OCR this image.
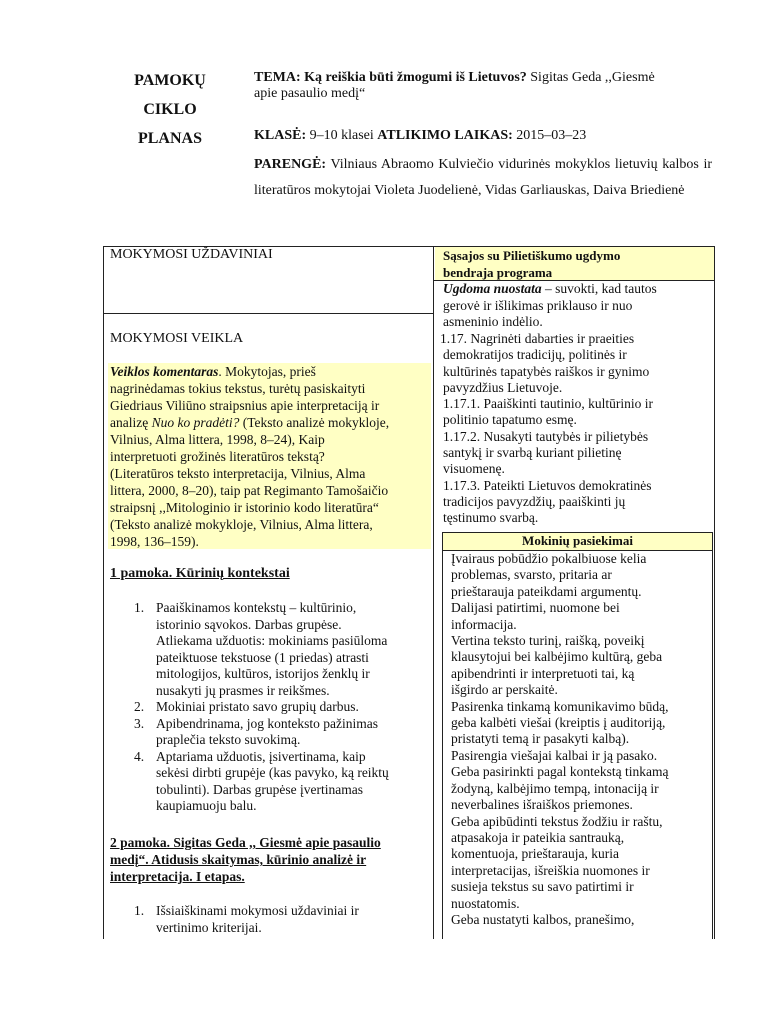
PAMOKŲ
CIKLO
PLANAS
TEMA: Ką reiškia būti žmogumi iš Lietuvos? Sigitas Geda ,,Giesmė
apie pasaulio medį“
KLASĖ: 9–10 klasei ATLIKIMO LAIKAS: 2015–03–23
PARENGĖ: Vilniaus Abraomo Kulviečio vidurinės mokyklos lietuvių kalbos ir literatūros mokytojai Violeta Juodelienė, Vidas Garliauskas, Daiva Briedienė
Sąsajos su Pilietiškumo ugdymo
bendraja programa
MOKYMOSI UŽDAVINIAI
MOKYMOSI VEIKLA
Veiklos komentaras. Mokytojas, prieš
nagrinėdamas tokius tekstus, turėtų pasiskaityti
Giedriaus Viliūno straipsnius apie interpretaciją ir
analizę Nuo ko pradėti? (Teksto analizė mokykloje,
Vilnius, Alma littera, 1998, 8–24), Kaip
interpretuoti grožinės literatūros tekstą?
(Literatūros teksto interpretacija, Vilnius, Alma
littera, 2000, 8–20), taip pat Regimanto Tamošaičio
straipsnį ,,Mitologinio ir istorinio kodo literatūra“
(Teksto analizė mokykloje, Vilnius, Alma littera,
1998, 136–159).
1 pamoka. Kūrinių kontekstai
1. Paaiškinamos kontekstų – kultūrinio,
istorinio sąvokos. Darbas grupėse.
Atliekama užduotis: mokiniams pasiūloma
pateiktuose tekstuose (1 priedas) atrasti
mitologijos, kultūros, istorijos ženklų ir
nusakyti jų prasmes ir reikšmes.
2. Mokiniai pristato savo grupių darbus.
3. Apibendrinama, jog konteksto pažinimas
praplečia teksto suvokimą.
4. Aptariama užduotis, įsivertinama, kaip
sekėsi dirbti grupėje (kas pavyko, ką reiktų
tobulinti). Darbas grupėse įvertinamas
kaupiamuoju balu.
2 pamoka. Sigitas Geda ,, Giesmė apie pasaulio
medį“. Atidusis skaitymas, kūrinio analizė ir
interpretacija. I etapas.
1. Išsiaiškinami mokymosi uždaviniai ir
vertinimo kriterijai.
Ugdoma nuostata – suvokti, kad tautos
gerovė ir išlikimas priklauso ir nuo
asmeninio indėlio.
1.17. Nagrinėti dabarties ir praeities
demokratijos tradicijų, politinės ir
kultūrinės tapatybės raiškos ir gynimo
pavyzdžius Lietuvoje.
1.17.1. Paaiškinti tautinio, kultūrinio ir
politinio tapatumo esmę.
1.17.2. Nusakyti tautybės ir pilietybės
santykį ir svarbą kuriant pilietinę
visuomenę.
1.17.3. Pateikti Lietuvos demokratinės
tradicijos pavyzdžių, paaiškinti jų
tęstinumo svarbą.
Mokinių pasiekimai
Įvairaus pobūdžio pokalbiuose kelia
problemas, svarsto, pritaria ar
prieštarauja pateikdami argumentų.
Dalijasi patirtimi, nuomone bei
informacija.
Vertina teksto turinį, raišką, poveikį
klausytojui bei kalbėjimo kultūrą, geba
apibendrinti ir interpretuoti tai, ką
išgirdo ar perskaitė.
Pasirenka tinkamą komunikavimo būdą,
geba kalbėti viešai (kreiptis į auditoriją,
pristatyti temą ir pasakyti kalbą).
Pasirengia viešajai kalbai ir ją pasako.
Geba pasirinkti pagal kontekstą tinkamą
žodyną, kalbėjimo tempą, intonaciją ir
neverbalines išraiškos priemones.
Geba apibūdinti tekstus žodžiu ir raštu,
atpasakoja ir pateikia santrauką,
komentuoja, prieštarauja, kuria
interpretacijas, išreiškia nuomones ir
susieja tekstus su savo patirtimi ir
nuostatomis.
Geba nustatyti kalbos, pranešimo,
